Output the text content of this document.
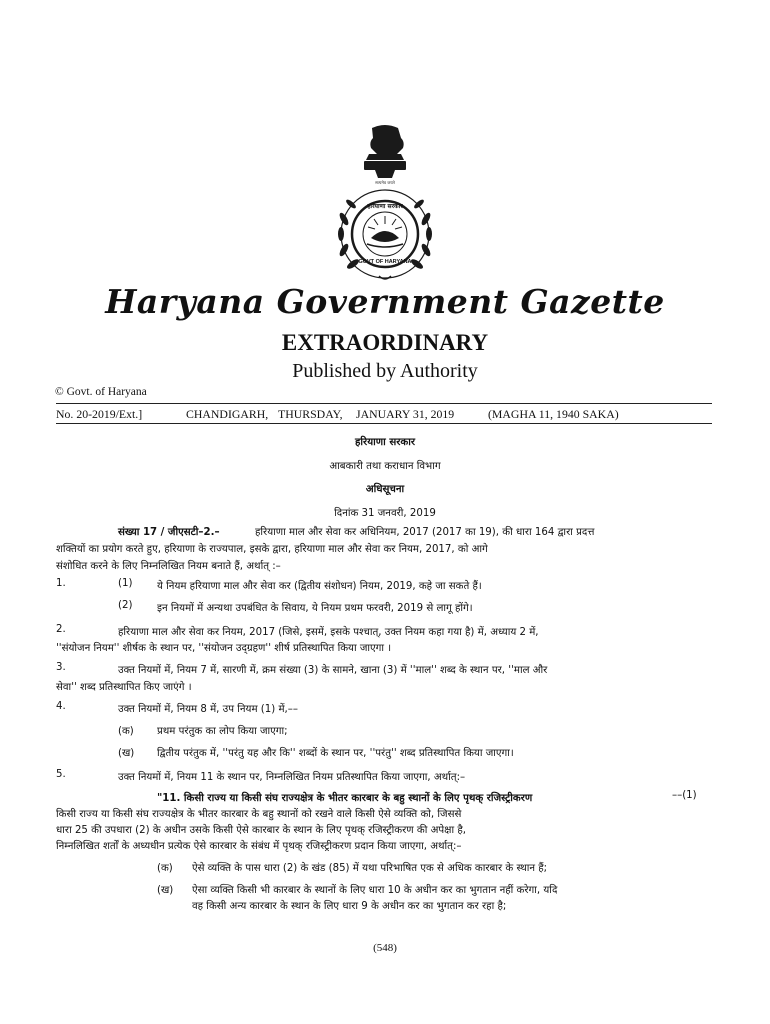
सत्यमेव जयते
हरियाणा सरकार
GOVT OF HARYANA
Haryana Government Gazette
EXTRAORDINARY
Published by Authority
© Govt. of Haryana
No. 20-2019/Ext.]	CHANDIGARH, THURSDAY, JANUARY 31, 2019	(MAGHA 11, 1940 SAKA)
हरियाणा सरकार
आबकारी तथा कराधान विभाग
अधिसूचना
दिनांक 31 जनवरी, 2019
संख्या 17 / जीएसटी–2.–	हरियाणा माल और सेवा कर अधिनियम, 2017 (2017 का 19), की धारा 164 द्वारा प्रदत्त
शक्तियों का प्रयोग करते हुए, हरियाणा के राज्यपाल, इसके द्वारा, हरियाणा माल और सेवा कर नियम, 2017, को आगे
संशोधित करने के लिए निम्नलिखित नियम बनाते हैं, अर्थात् :–
1.	(1) ये नियम हरियाणा माल और सेवा कर (द्वितीय संशोधन) नियम, 2019, कहे जा सकते हैं।
(2) इन नियमों में अन्यथा उपबंधित के सिवाय, ये नियम प्रथम फरवरी, 2019 से लागू होंगे।
2.	हरियाणा माल और सेवा कर नियम, 2017 (जिसे, इसमें, इसके पश्चात्, उक्त नियम कहा गया है) में, अध्याय 2 में,
''संयोजन नियम'' शीर्षक के स्थान पर, ''संयोजन उद्ग्रहण'' शीर्ष प्रतिस्थापित किया जाएगा ।
3.	उक्त नियमों में, नियम 7 में, सारणी में, क्रम संख्या (3) के सामने, खाना (3) में ''माल'' शब्द के स्थान पर, ''माल और
सेवा'' शब्द प्रतिस्थापित किए जाएंगे ।
4.	उक्त नियमों में, नियम 8 में, उप नियम (1) में,––
(क) प्रथम परंतुक का लोप किया जाएगा;
(ख) द्वितीय परंतुक में, ''परंतु यह और कि'' शब्दों के स्थान पर, ''परंतु'' शब्द प्रतिस्थापित किया जाएगा।
5.	उक्त नियमों में, नियम 11 के स्थान पर, निम्नलिखित नियम प्रतिस्थापित किया जाएगा, अर्थात्:–
"11. किसी राज्य या किसी संघ राज्यक्षेत्र के भीतर कारबार के बहु स्थानों के लिए पृथक् रजिस्ट्रीकरण	––(1)
किसी राज्य या किसी संघ राज्यक्षेत्र के भीतर कारबार के बहु स्थानों को रखने वाले किसी ऐसे व्यक्ति को, जिससे
धारा 25 की उपधारा (2) के अधीन उसके किसी ऐसे कारबार के स्थान के लिए पृथक् रजिस्ट्रीकरण की अपेक्षा है,
निम्नलिखित शर्तों के अध्यधीन प्रत्येक ऐसे कारबार के संबंध में पृथक् रजिस्ट्रीकरण प्रदान किया जाएगा, अर्थात्:–
(क) ऐसे व्यक्ति के पास धारा (2) के खंड (85) में यथा परिभाषित एक से अधिक कारबार के स्थान हैं;
(ख) ऐसा व्यक्ति किसी भी कारबार के स्थानों के लिए धारा 10 के अधीन कर का भुगतान नहीं करेगा, यदि
वह किसी अन्य कारबार के स्थान के लिए धारा 9 के अधीन कर का भुगतान कर रहा है;
(548)
